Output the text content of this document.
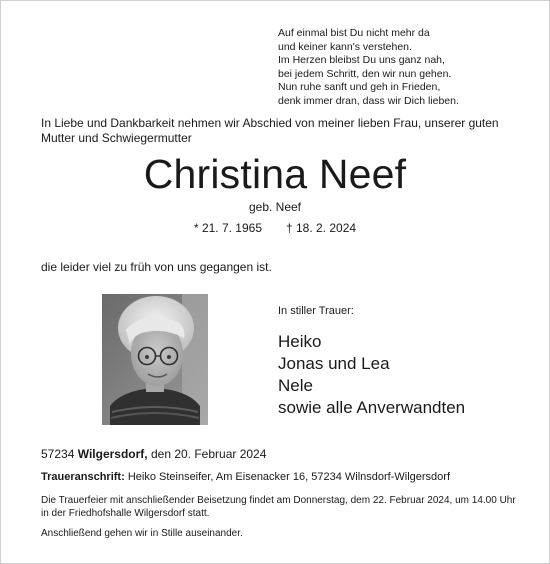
Auf einmal bist Du nicht mehr da
und keiner kann's verstehen.
Im Herzen bleibst Du uns ganz nah,
bei jedem Schritt, den wir nun gehen.
Nun ruhe sanft und geh in Frieden,
denk immer dran, dass wir Dich lieben.
In Liebe und Dankbarkeit nehmen wir Abschied von meiner lieben Frau, unserer guten Mutter und Schwiegermutter
Christina Neef
geb. Neef
* 21. 7. 1965 † 18. 2. 2024
die leider viel zu früh von uns gegangen ist.
In stiller Trauer:
Heiko
Jonas und Lea
Nele
sowie alle Anverwandten
57234 Wilgersdorf, den 20. Februar 2024
Traueranschrift: Heiko Steinseifer, Am Eisenacker 16, 57234 Wilnsdorf-Wilgersdorf
Die Trauerfeier mit anschließender Beisetzung findet am Donnerstag, dem 22. Februar 2024, um 14.00 Uhr in der Friedhofshalle Wilgersdorf statt.
Anschließend gehen wir in Stille auseinander.
